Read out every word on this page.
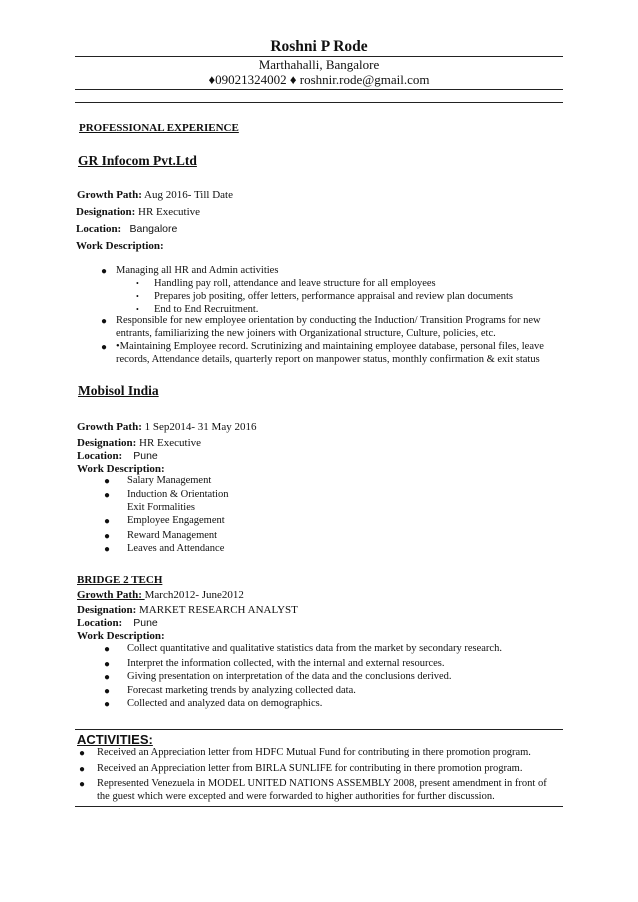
Roshni P Rode
Marthahalli, Bangalore
♦09021324002 ♦ roshnir.rode@gmail.com
PROFESSIONAL EXPERIENCE
GR Infocom Pvt.Ltd
Growth Path: Aug 2016- Till Date
Designation: HR Executive
Location: Bangalore
Work Description:
● Managing all HR and Admin activities
• Handling pay roll, attendance and leave structure for all employees
• Prepares job positing, offer letters, performance appraisal and review plan documents
• End to End Recruitment.
● Responsible for new employee orientation by conducting the Induction/ Transition Programs for new
entrants, familiarizing the new joiners with Organizational structure, Culture, policies, etc.
● •Maintaining Employee record. Scrutinizing and maintaining employee database, personal files, leave
records, Attendance details, quarterly report on manpower status, monthly confirmation & exit status
Mobisol India
Growth Path: 1 Sep2014- 31 May 2016
Designation: HR Executive
Location: Pune
Work Description:
● Salary Management
● Induction & Orientation
Exit Formalities
● Employee Engagement
● Reward Management
● Leaves and Attendance
BRIDGE 2 TECH
Growth Path: March2012- June2012
Designation: MARKET RESEARCH ANALYST
Location: Pune
Work Description:
● Collect quantitative and qualitative statistics data from the market by secondary research.
● Interpret the information collected, with the internal and external resources.
● Giving presentation on interpretation of the data and the conclusions derived.
● Forecast marketing trends by analyzing collected data.
● Collected and analyzed data on demographics.
ACTIVITIES:
● Received an Appreciation letter from HDFC Mutual Fund for contributing in there promotion program.
● Received an Appreciation letter from BIRLA SUNLIFE for contributing in there promotion program.
● Represented Venezuela in MODEL UNITED NATIONS ASSEMBLY 2008, present amendment in front of
the guest which were excepted and were forwarded to higher authorities for further discussion.
